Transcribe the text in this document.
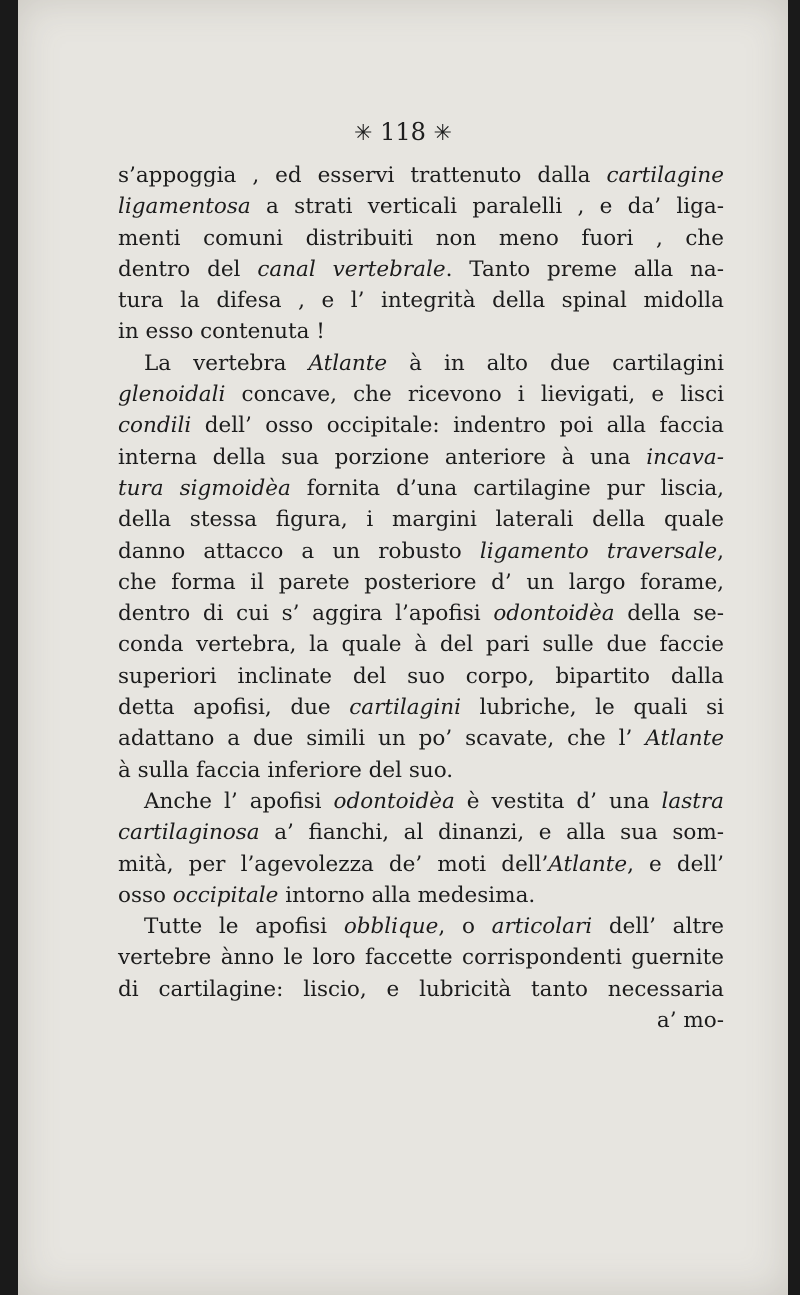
✳ 118 ✳
s’appoggia , ed esservi trattenuto dalla cartilagine
ligamentosa a strati verticali paralelli , e da’ liga-
menti comuni distribuiti non meno fuori , che
dentro del canal vertebrale. Tanto preme alla na-
tura la difesa , e l’ integrità della spinal midolla
in esso contenuta !
La vertebra Atlante à in alto due cartilagini
glenoidali concave, che ricevono i lievigati, e lisci
condili dell’ osso occipitale: indentro poi alla faccia
interna della sua porzione anteriore à una incava-
tura sigmoidèa fornita d’una cartilagine pur liscia,
della stessa figura, i margini laterali della quale
danno attacco a un robusto ligamento traversale,
che forma il parete posteriore d’ un largo forame,
dentro di cui s’ aggira l’apofisi odontoidèa della se-
conda vertebra, la quale à del pari sulle due faccie
superiori inclinate del suo corpo, bipartito dalla
detta apofisi, due cartilagini lubriche, le quali si
adattano a due simili un po’ scavate, che l’ Atlante
à sulla faccia inferiore del suo.
Anche l’ apofisi odontoidèa è vestita d’ una lastra
cartilaginosa a’ fianchi, al dinanzi, e alla sua som-
mità, per l’agevolezza de’ moti dell’Atlante, e dell’
osso occipitale intorno alla medesima.
Tutte le apofisi obblique, o articolari dell’ altre
vertebre ànno le loro faccette corrispondenti guernite
di cartilagine: liscio, e lubricità tanto necessaria
a’ mo-
